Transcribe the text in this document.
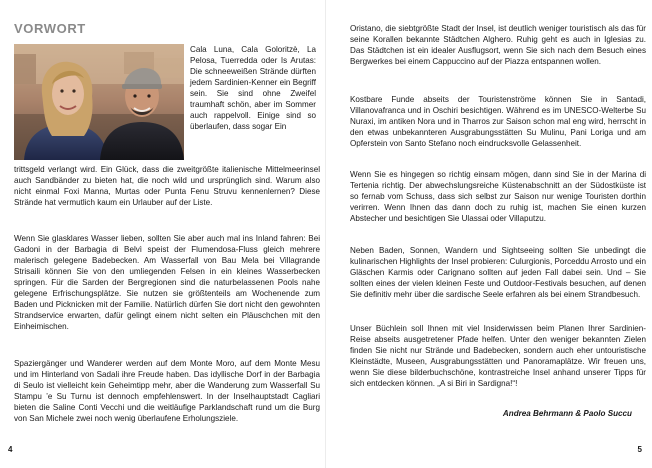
VORWORT

Cala Luna, Cala Goloritzè, La Pelosa, Tuerredda oder Is Arutas: Die schneeweißen Strände dürften jedem Sardinien-Kenner ein Begriff sein. Sie sind ohne Zweifel traumhaft schön, aber im Sommer auch rappelvoll. Einige sind so überlaufen, dass sogar Ein

trittsgeld verlangt wird. Ein Glück, dass die zweitgrößte italienische Mittelmeerinsel auch Sandbänder zu bieten hat, die noch wild und ursprünglich sind. Warum also nicht einmal Foxi Manna, Murtas oder Punta Fenu Struvu kennenlernen? Diese Strände hat vermutlich kaum ein Urlauber auf der Liste.

Wenn Sie glasklares Wasser lieben, sollten Sie aber auch mal ins Inland fahren: Bei Gadoni in der Barbagia di Belvì speist der Flumendosa-Fluss gleich mehrere malerisch gelegene Badebecken. Am Wasserfall von Bau Mela bei Villagrande Strisaili können Sie von den umliegenden Felsen in ein kleines Wasserbecken springen. Für die Sarden der Bergregionen sind die naturbelassenen Pools nahe gelegene Erfrischungsplätze. Sie nutzen sie größtenteils am Wochenende zum Baden und Picknicken mit der Familie. Natürlich dürfen Sie dort nicht den gewohnten Strandservice erwarten, dafür gelingt einem nicht selten ein Pläuschchen mit den Einheimischen.

Spaziergänger und Wanderer werden auf dem Monte Moro, auf dem Monte Mesu und im Hinterland von Sadali ihre Freude haben. Das idyllische Dorf in der Barbagia di Seulo ist vielleicht kein Geheimtipp mehr, aber die Wanderung zum Wasserfall Su Stampu ’e Su Turnu ist dennoch empfehlenswert. In der Inselhauptstadt Cagliari bieten die Saline Conti Vecchi und die weitläufige Parklandschaft rund um die Burg von San Michele zwei noch wenig überlaufene Erholungsziele.

4

Oristano, die siebtgrößte Stadt der Insel, ist deutlich weniger touristisch als das für seine Korallen bekannte Städtchen Alghero. Ruhig geht es auch in Iglesias zu. Das Städtchen ist ein idealer Ausflugsort, wenn Sie sich nach dem Besuch eines Bergwerkes bei einem Cappuccino auf der Piazza entspannen wollen.

Kostbare Funde abseits der Touristenströme können Sie in Santadi, Villanovafranca und in Oschiri besichtigen. Während es im UNESCO-Welterbe Su Nuraxi, im antiken Nora und in Tharros zur Saison schon mal eng wird, herrscht in den etwas unbekannteren Ausgrabungsstätten Su Mulinu, Pani Loriga und am Opferstein von Santo Stefano noch eindrucksvolle Gelassenheit.

Wenn Sie es hingegen so richtig einsam mögen, dann sind Sie in der Marina di Tertenia richtig. Der abwechslungsreiche Küstenabschnitt an der Südostküste ist so fernab vom Schuss, dass sich selbst zur Saison nur wenige Touristen dorthin verirren. Wenn Ihnen das dann doch zu ruhig ist, machen Sie einen kurzen Abstecher und besichtigen Sie Ulassai oder Villaputzu.

Neben Baden, Sonnen, Wandern und Sightseeing sollten Sie unbedingt die kulinarischen Highlights der Insel probieren: Culurgionis, Porceddu Arrosto und ein Gläschen Karmis oder Carignano sollten auf jeden Fall dabei sein. Und – Sie sollten eines der vielen kleinen Feste und Outdoor-Festivals besuchen, auf denen Sie definitiv mehr über die sardische Seele erfahren als bei einem Strandbesuch.

Unser Büchlein soll Ihnen mit viel Insiderwissen beim Planen Ihrer Sardinien-Reise abseits ausgetretener Pfade helfen. Unter den weniger bekannten Zielen finden Sie nicht nur Strände und Badebecken, sondern auch eher untouristische Kleinstädte, Museen, Ausgrabungsstätten und Panoramaplätze. Wir freuen uns, wenn Sie diese bilderbuchschöne, kontrastreiche Insel anhand unserer Tipps für sich entdecken können. „A si Biri in Sardigna!“!

Andrea Behrmann & Paolo Succu

5
